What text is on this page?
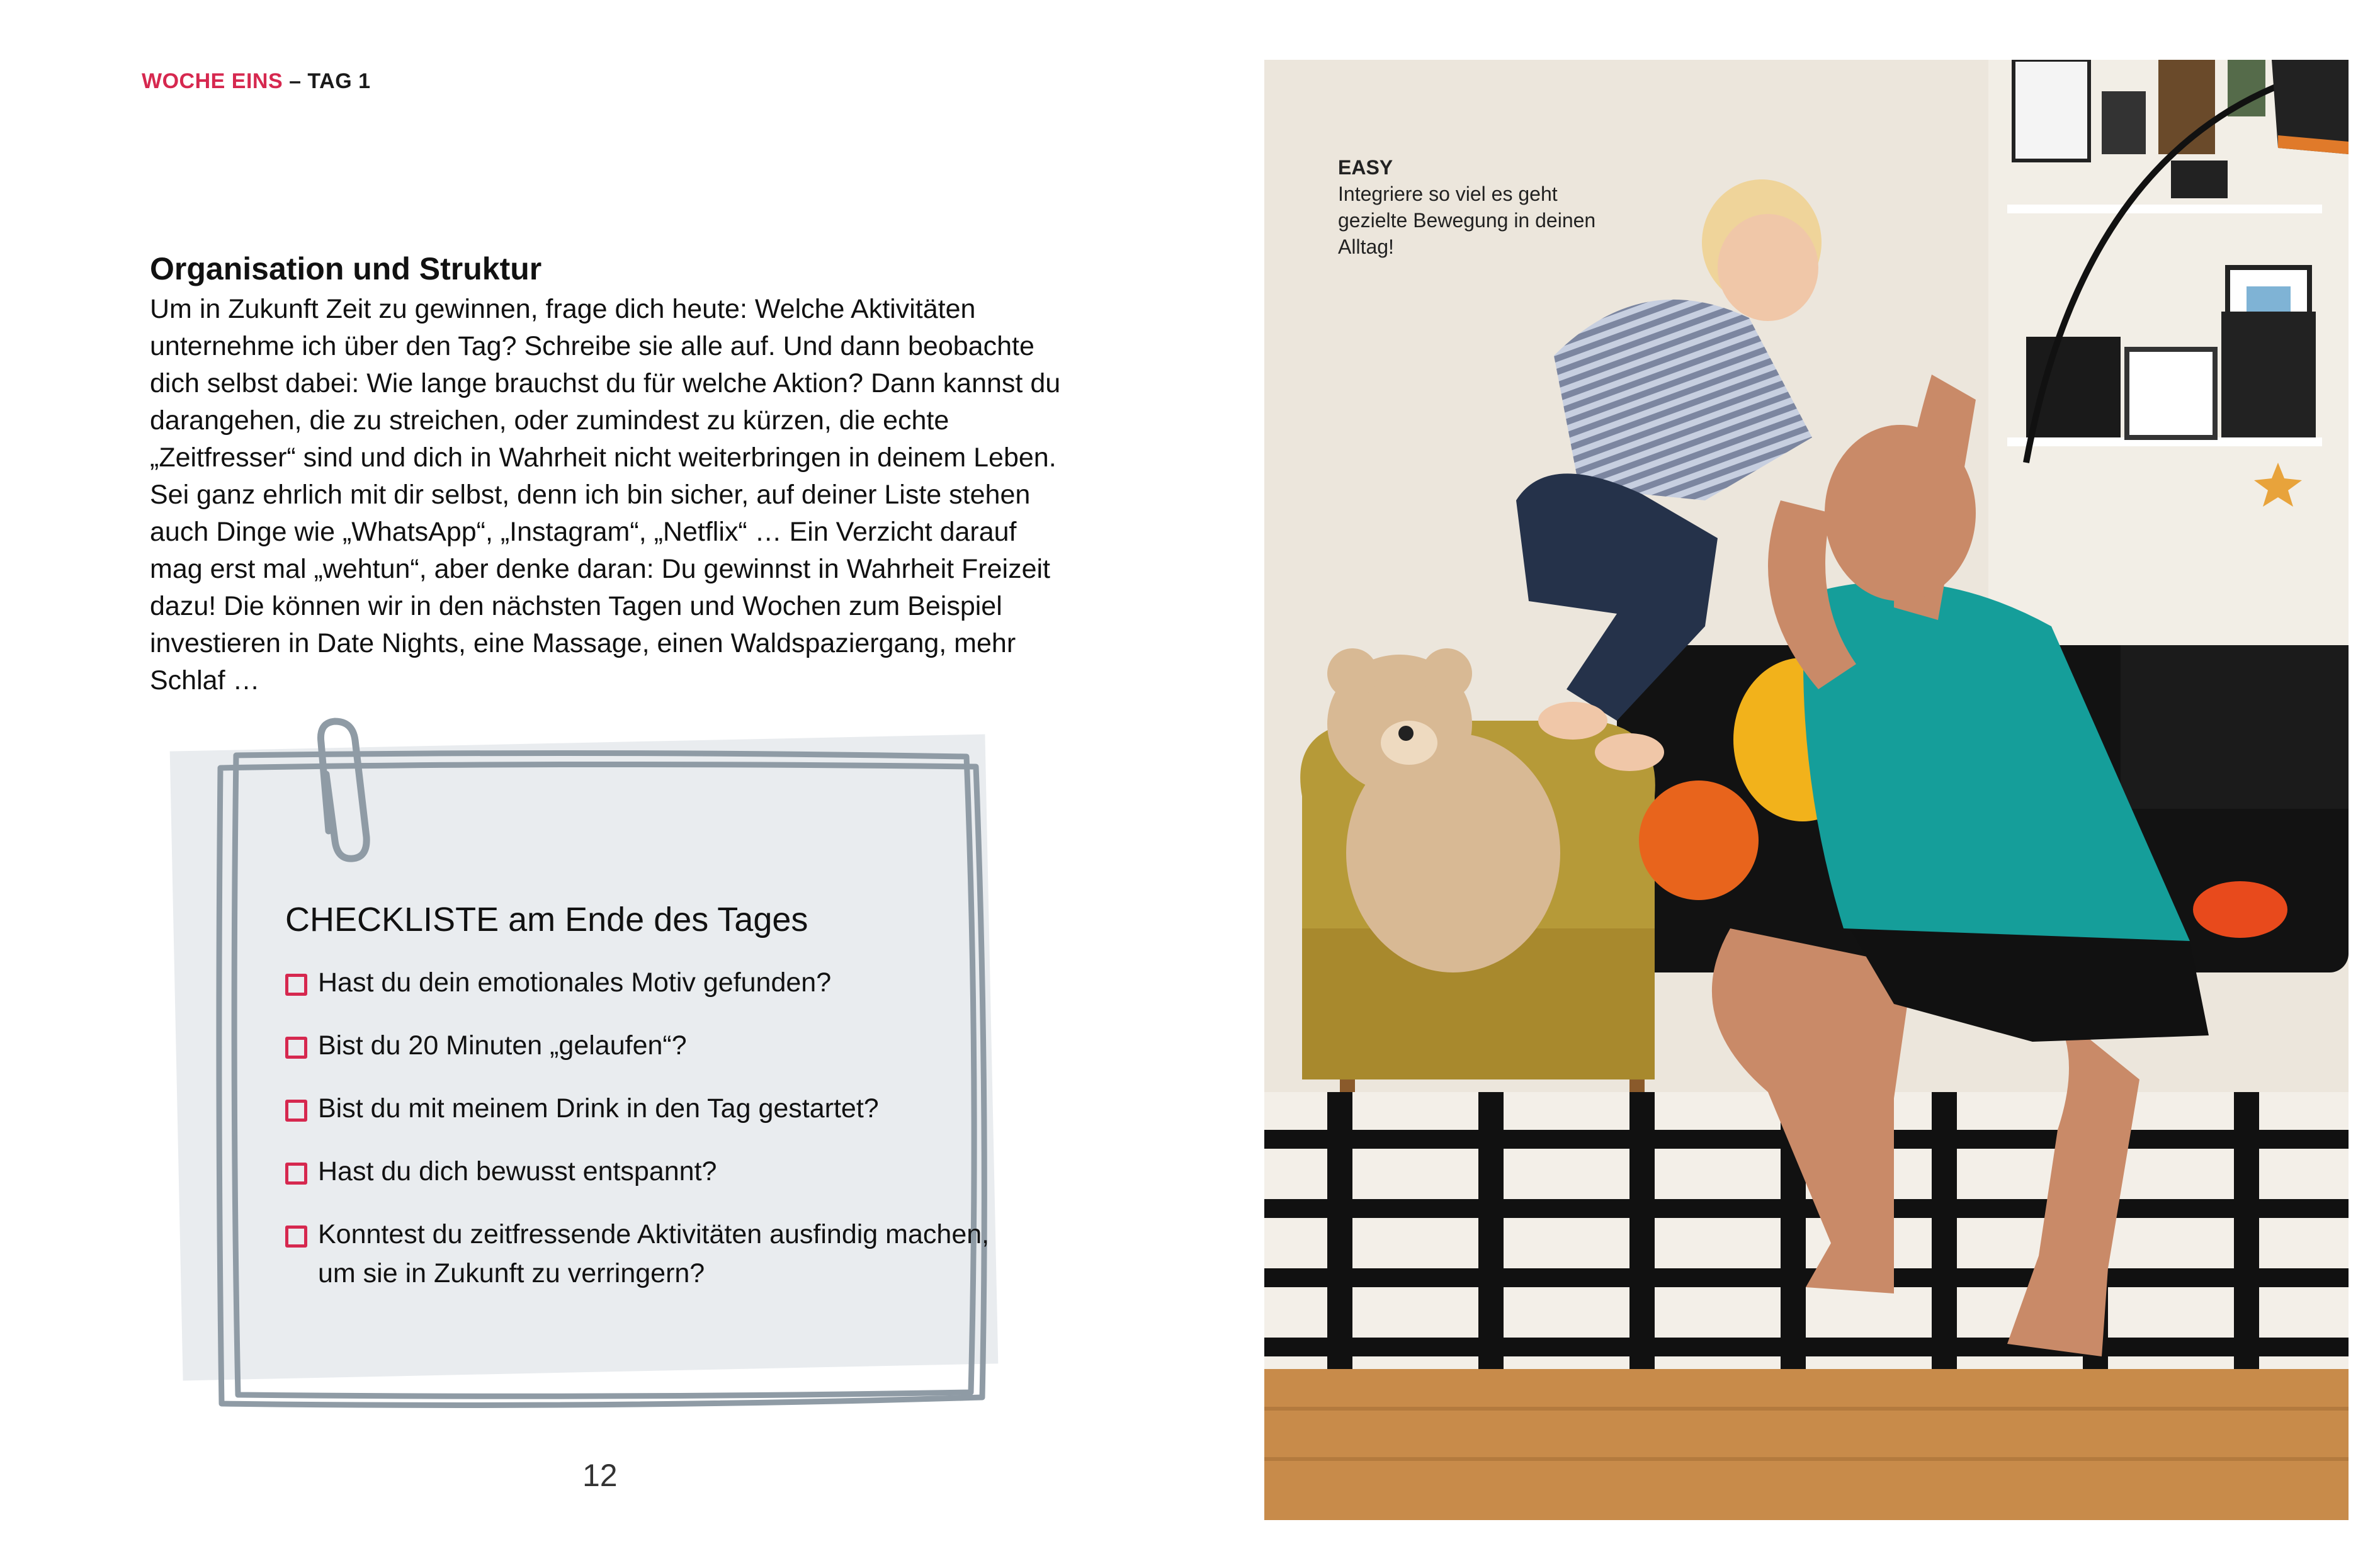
WOCHE EINS – TAG 1
Organisation und Struktur

Um in Zukunft Zeit zu gewinnen, frage dich heute: Welche Aktivitäten unternehme ich über den Tag? Schreibe sie alle auf. Und dann beobachte dich selbst dabei: Wie lange brauchst du für welche Aktion? Dann kannst du darangehen, die zu streichen, oder zumindest zu kürzen, die echte „Zeitfresser“ sind und dich in Wahrheit nicht weiterbringen in deinem Leben. Sei ganz ehrlich mit dir selbst, denn ich bin sicher, auf deiner Liste stehen auch Dinge wie „WhatsApp“, „Instagram“, „Netflix“ … Ein Verzicht darauf mag erst mal „wehtun“, aber denke daran: Du gewinnst in Wahrheit Freizeit dazu! Die können wir in den nächsten Tagen und Wochen zum Beispiel investieren in Date Nights, eine Massage, einen Waldspaziergang, mehr Schlaf …

CHECKLISTE am Ende des Tages
Hast du dein emotionales Motiv gefunden?
Bist du 20 Minuten „gelaufen“?
Bist du mit meinem Drink in den Tag gestartet?
Hast du dich bewusst entspannt?
Konntest du zeitfressende Aktivitäten ausfindig machen, um sie in Zukunft zu verringern?
12
EASY
Integriere so viel es geht gezielte Bewegung in deinen Alltag!
